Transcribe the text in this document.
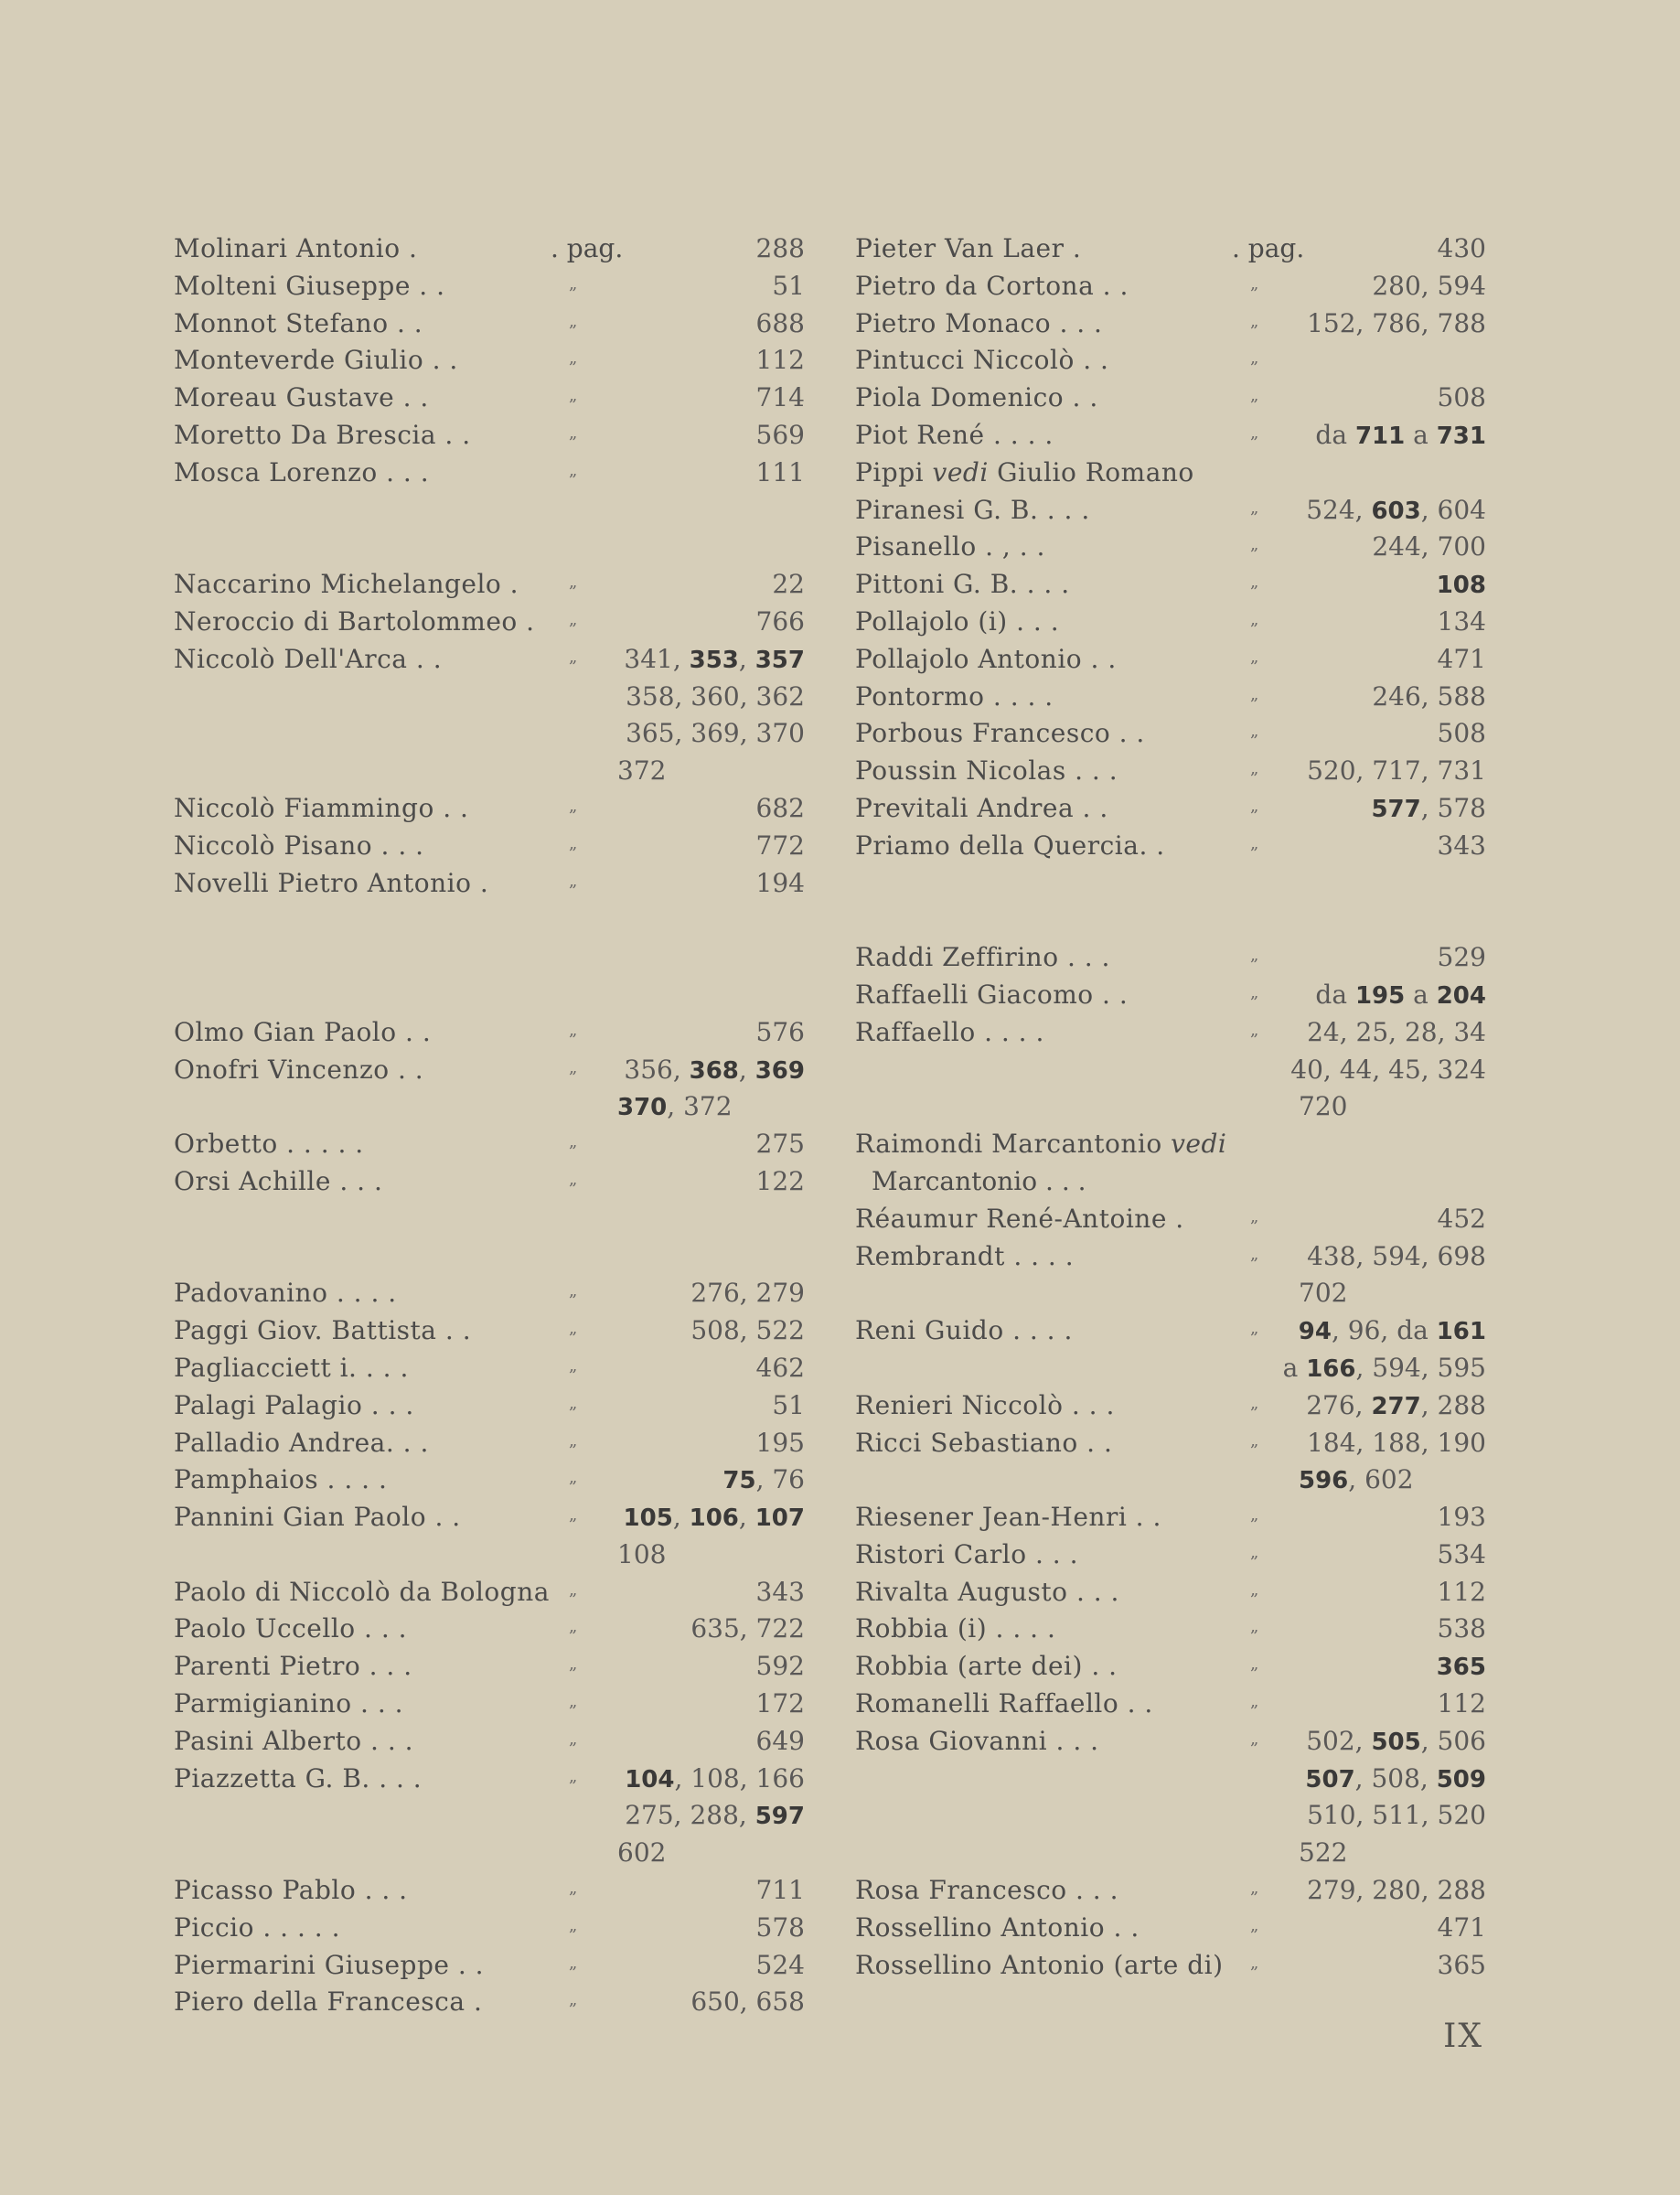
Molinari Antonio .	. pag.	288
Molteni Giuseppe . .	„	51
Monnot Stefano . .	„	688
Monteverde Giulio . .	„	112
Moreau Gustave . .	„	714
Moretto Da Brescia . .	„	569
Mosca Lorenzo . . .	„	111
Naccarino Michelangelo .	„	22
Neroccio di Bartolommeo . „	766
Niccolò Dell'Arca . .	„ 341, 353, 357
358, 360, 362
365, 369, 370
372
Niccolò Fiammingo . .	„	682
Niccolò Pisano . . .	„	772
Novelli Pietro Antonio .	„	194
Olmo Gian Paolo . .	„	576
Onofri Vincenzo . .	„ 356, 368, 369
370, 372
Orbetto . . . . .	„	275
Orsi Achille . . .	„	122
Padovanino . . . .	„	276, 279
Paggi Giov. Battista . .	„	508, 522
Pagliacciett i. . . .	„	462
Palagi Palagio . . .	„	51
Palladio Andrea. . .	„	195
Pamphaios . . . .	„	75, 76
Pannini Gian Paolo . .	„ 105, 106, 107
108
Paolo di Niccolò da Bologna „	343
Paolo Uccello . . .	„	635, 722
Parenti Pietro . . .	„	592
Parmigianino . . .	„	172
Pasini Alberto . . .	„	649
Piazzetta G. B. . . .	„ 104, 108, 166
275, 288, 597
602
Picasso Pablo . . .	„	711
Piccio . . . . .	„	578
Piermarini Giuseppe . .	„	524
Piero della Francesca .	„	650, 658
Pieter Van Laer .	. pag.	430
Pietro da Cortona . .	„	280, 594
Pietro Monaco . . .	„ 152, 786, 788
Pintucci Niccolò . .	„
Piola Domenico . .	„	508
Piot René . . . .	„ da 711 a 731
Pippi vedi Giulio Romano
Piranesi G. B. . . .	„ 524, 603, 604
Pisanello . , . .	„	244, 700
Pittoni G. B. . . .	„	108
Pollajolo (i) . . .	„	134
Pollajolo Antonio . .	„	471
Pontormo . . . .	„	246, 588
Porbous Francesco . .	„	508
Poussin Nicolas . . .	„ 520, 717, 731
Previtali Andrea . .	„	577, 578
Priamo della Quercia. .	„	343
Raddi Zeffirino . . .	„	529
Raffaelli Giacomo . .	„ da 195 a 204
Raffaello . . . .	„ 24, 25, 28, 34
40, 44, 45, 324
720
Raimondi Marcantonio vedi
Marcantonio . . .
Réaumur René-Antoine .	„	452
Rembrandt . . . .	„ 438, 594, 698
702
Reni Guido . . . .	„ 94, 96, da 161
a 166, 594, 595
Renieri Niccolò . . .	„ 276, 277, 288
Ricci Sebastiano . .	„ 184, 188, 190
596, 602
Riesener Jean-Henri . .	„	193
Ristori Carlo . . .	„	534
Rivalta Augusto . . .	„	112
Robbia (i) . . . .	„	538
Robbia (arte dei) . .	„	365
Romanelli Raffaello . .	„	112
Rosa Giovanni . . .	„ 502, 505, 506
507, 508, 509
510, 511, 520
522
Rosa Francesco . . .	„ 279, 280, 288
Rossellino Antonio . .	„	471
Rossellino Antonio (arte di) „	365
IX
